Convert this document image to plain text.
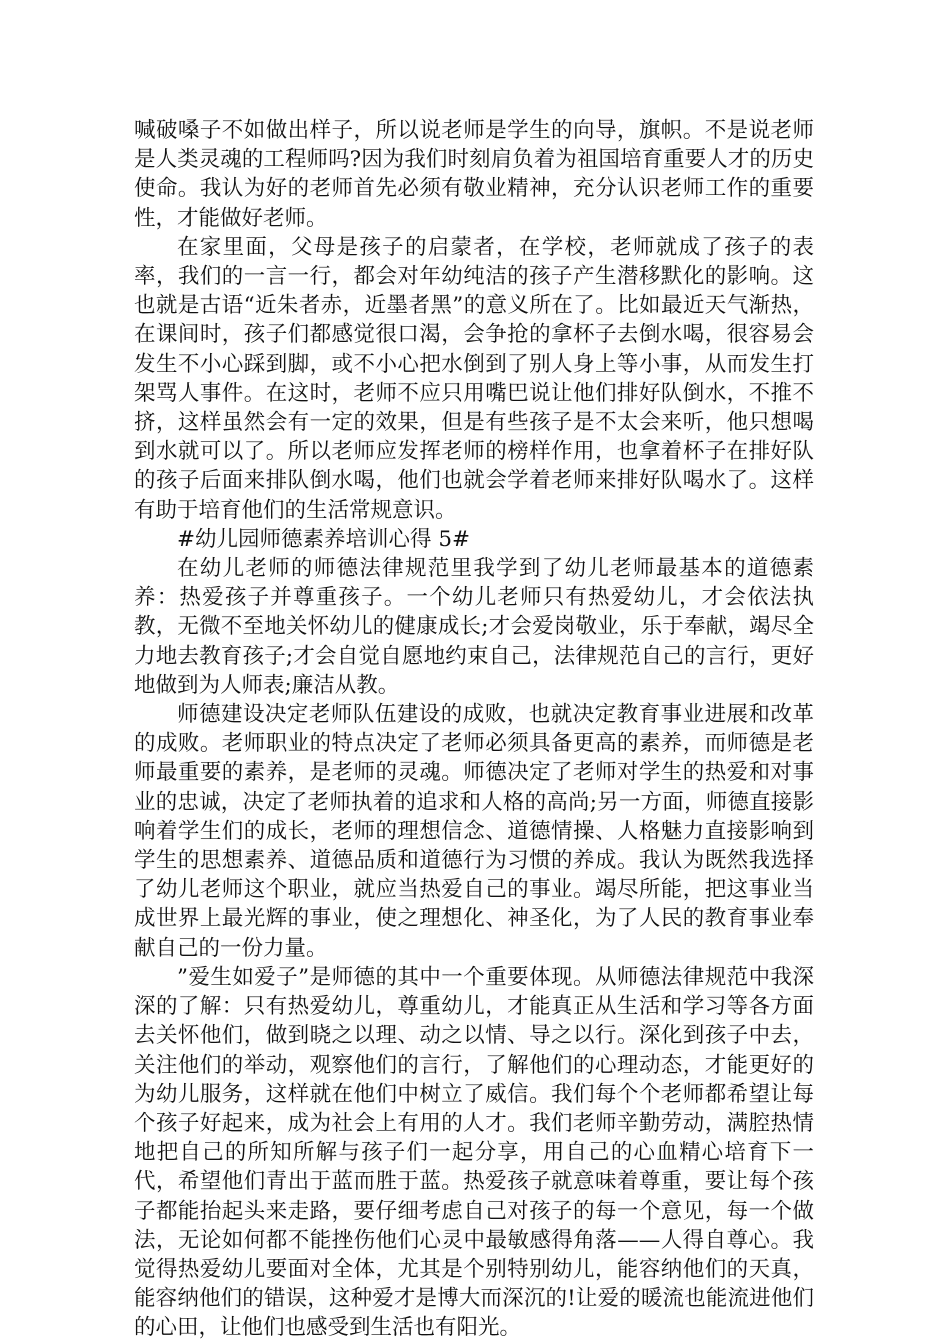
喊破嗓子不如做出样子，所以说老师是学生的向导，旗帜。不是说老师是人类灵魂的工程师吗?因为我们时刻肩负着为祖国培育重要人才的历史使命。我认为好的老师首先必须有敬业精神，充分认识老师工作的重要性，才能做好老师。

在家里面，父母是孩子的启蒙者，在学校，老师就成了孩子的表率，我们的一言一行，都会对年幼纯洁的孩子产生潜移默化的影响。这也就是古语“近朱者赤，近墨者黑”的意义所在了。比如最近天气渐热，在课间时，孩子们都感觉很口渴，会争抢的拿杯子去倒水喝，很容易会发生不小心踩到脚，或不小心把水倒到了别人身上等小事，从而发生打架骂人事件。在这时，老师不应只用嘴巴说让他们排好队倒水，不推不挤，这样虽然会有一定的效果，但是有些孩子是不太会来听，他只想喝到水就可以了。所以老师应发挥老师的榜样作用，也拿着杯子在排好队的孩子后面来排队倒水喝，他们也就会学着老师来排好队喝水了。这样有助于培育他们的生活常规意识。

#幼儿园师德素养培训心得 5#

在幼儿老师的师德法律规范里我学到了幼儿老师最基本的道德素养：热爱孩子并尊重孩子。一个幼儿老师只有热爱幼儿，才会依法执教，无微不至地关怀幼儿的健康成长;才会爱岗敬业，乐于奉献，竭尽全力地去教育孩子;才会自觉自愿地约束自己，法律规范自己的言行，更好地做到为人师表;廉洁从教。

师德建设决定老师队伍建设的成败，也就决定教育事业进展和改革的成败。老师职业的特点决定了老师必须具备更高的素养，而师德是老师最重要的素养，是老师的灵魂。师德决定了老师对学生的热爱和对事业的忠诚，决定了老师执着的追求和人格的高尚;另一方面，师德直接影响着学生们的成长，老师的理想信念、道德情操、人格魅力直接影响到学生的思想素养、道德品质和道德行为习惯的养成。我认为既然我选择了幼儿老师这个职业，就应当热爱自己的事业。竭尽所能，把这事业当成世界上最光辉的事业，使之理想化、神圣化，为了人民的教育事业奉献自己的一份力量。

”爱生如爱子”是师德的其中一个重要体现。从师德法律规范中我深深的了解：只有热爱幼儿，尊重幼儿，才能真正从生活和学习等各方面去关怀他们，做到晓之以理、动之以情、导之以行。深化到孩子中去，关注他们的举动，观察他们的言行，了解他们的心理动态，才能更好的为幼儿服务，这样就在他们中树立了威信。我们每个个老师都希望让每个孩子好起来，成为社会上有用的人才。我们老师辛勤劳动，满腔热情地把自己的所知所解与孩子们一起分享，用自己的心血精心培育下一代，希望他们青出于蓝而胜于蓝。热爱孩子就意味着尊重，要让每个孩子都能抬起头来走路，要仔细考虑自己对孩子的每一个意见，每一个做法，无论如何都不能挫伤他们心灵中最敏感得角落——人得自尊心。我觉得热爱幼儿要面对全体，尤其是个别特别幼儿，能容纳他们的天真，能容纳他们的错误，这种爱才是博大而深沉的!让爱的暖流也能流进他们的心田，让他们也感受到生活也有阳光。
